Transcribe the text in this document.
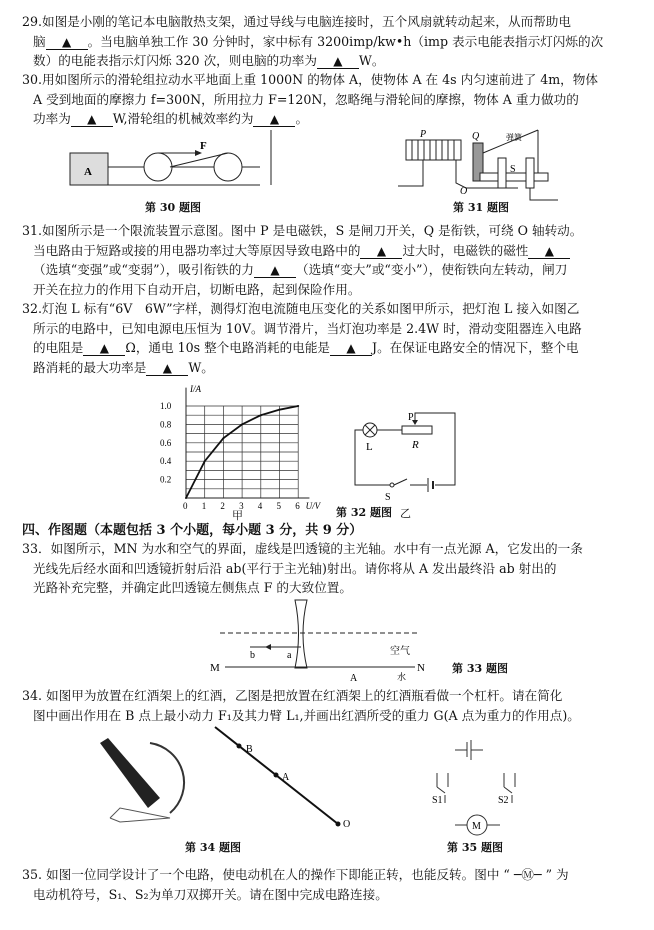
29.如图是小刚的笔记本电脑散热支架，通过导线与电脑连接时，五个风扇就转动起来，从而帮助电
脑 ▲ 。当电脑单独工作 30 分钟时，家中标有 3200imp/kw•h（imp 表示电能表指示灯闪烁的次
数）的电能表指示灯闪烁 320 次，则电脑的功率为 ▲ W。
30.用如图所示的滑轮组拉动水平地面上重 1000N 的物体 A，使物体 A 在 4s 内匀速前进了 4m，物体
A 受到地面的摩擦力 f=300N，所用拉力 F=120N，忽略绳与滑轮间的摩擦，物体 A 重力做功的
功率为 ▲ W,滑轮组的机械效率约为 ▲ 。
A
F
第 30 题图
P	Q	弹簧
S
O
第 31 题图
31.如图所示是一个限流装置示意图。图中 P 是电磁铁，S 是闸刀开关，Q 是衔铁，可绕 O 轴转动。
当电路由于短路或接的用电器功率过大等原因导致电路中的 ▲ 过大时，电磁铁的磁性 ▲
（选填“变强”或“变弱”），吸引衔铁的力 ▲ （选填“变大”或“变小”），使衔铁向左转动，闸刀
开关在拉力的作用下自动开启，切断电路，起到保险作用。
32.灯泡 L 标有“6V　6W”字样，测得灯泡电流随电压变化的关系如图甲所示，把灯泡 L 接入如图乙
所示的电路中，已知电源电压恒为 10V。调节滑片，当灯泡功率是 2.4W 时，滑动变阻器连入电路
的电阻是 ▲ Ω，通电 10s 整个电路消耗的电能是 ▲ J。在保证电路安全的情况下，整个电
路消耗的最大功率是 ▲ W。
0 1 2 3 4 5 6
0.2
0.4
0.6
0.8
1.0
U/V
I/A
甲
L
P
R
S
第 32 题图 乙
四、作图题（本题包括 3 个小题，每小题 3 分，共 9 分）
33．如图所示，MN 为水和空气的界面，虚线是凹透镜的主光轴。水中有一点光源 A，它发出的一条
光线先后经水面和凹透镜折射后沿 ab(平行于主光轴)射出。请你将从 A 发出最终沿 ab 射出的
光路补充完整，并确定此凹透镜左侧焦点 F 的大致位置。
b	a	空气
M	N
A	水
第 33 题图
34. 如图甲为放置在红酒架上的红酒，乙图是把放置在红酒架上的红酒瓶看做一个杠杆。请在简化
图中画出作用在 B 点上最小动力 F₁及其力臂 L₁,并画出红酒所受的重力 G(A 点为重力的作用点)。
B
A
O
第 34 题图
S1	S2
M
第 35 题图
35. 如图一位同学设计了一个电路，使电动机在人的操作下即能正转，也能反转。图中 “ ─Ⓜ─ ” 为
电动机符号，S₁、S₂为单刀双掷开关。请在图中完成电路连接。
